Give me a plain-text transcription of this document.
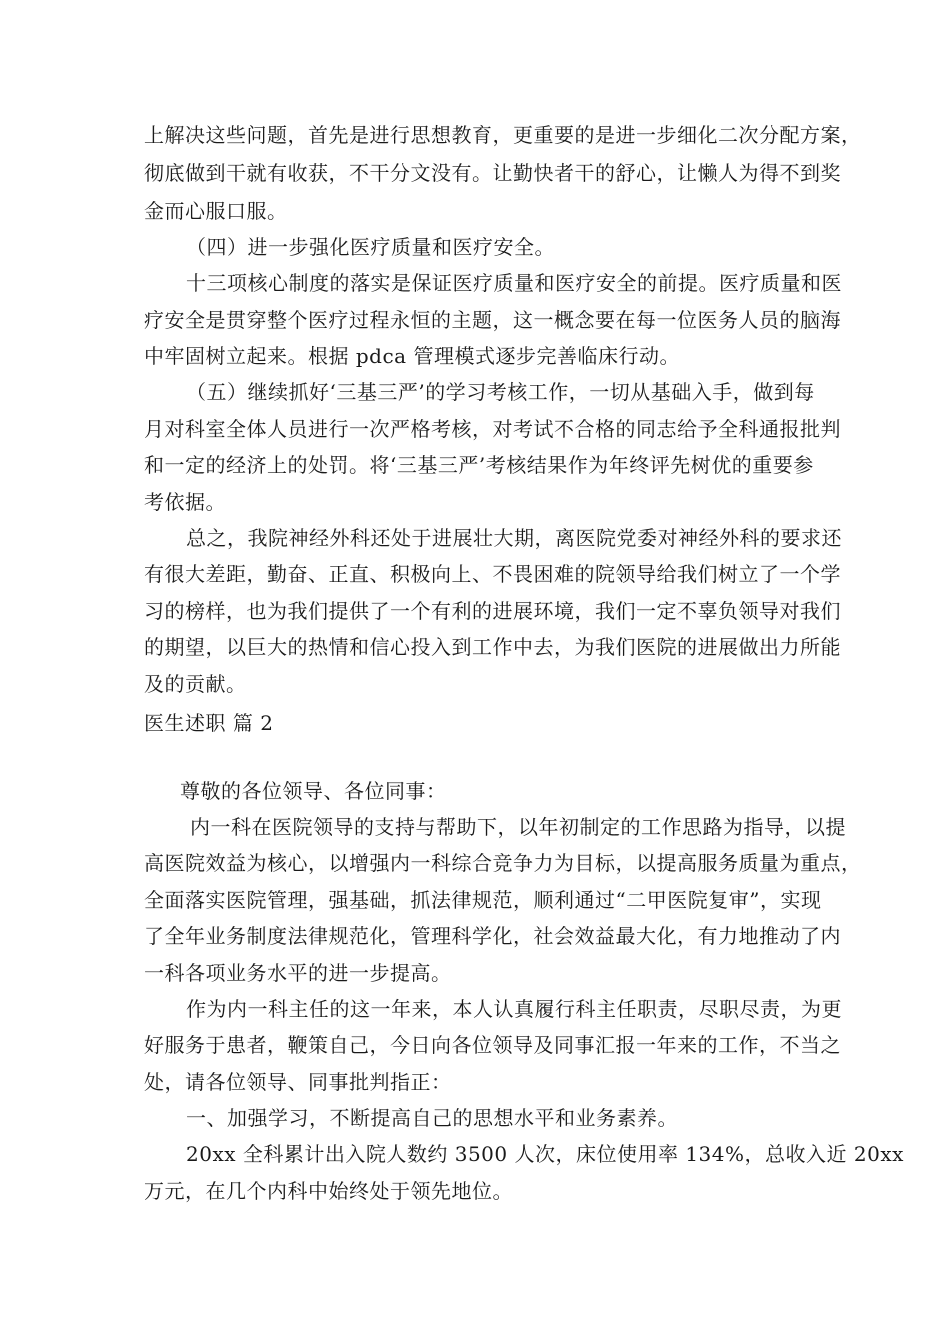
上解决这些问题，首先是进行思想教育，更重要的是进一步细化二次分配方案，
彻底做到干就有收获，不干分文没有。让勤快者干的舒心，让懒人为得不到奖
金而心服口服。
（四）进一步强化医疗质量和医疗安全。
十三项核心制度的落实是保证医疗质量和医疗安全的前提。医疗质量和医
疗安全是贯穿整个医疗过程永恒的主题，这一概念要在每一位医务人员的脑海
中牢固树立起来。根据 pdca 管理模式逐步完善临床行动。
（五）继续抓好‘三基三严’的学习考核工作，一切从基础入手，做到每
月对科室全体人员进行一次严格考核，对考试不合格的同志给予全科通报批判
和一定的经济上的处罚。将‘三基三严’考核结果作为年终评先树优的重要参
考依据。
总之，我院神经外科还处于进展壮大期，离医院党委对神经外科的要求还
有很大差距，勤奋、正直、积极向上、不畏困难的院领导给我们树立了一个学
习的榜样，也为我们提供了一个有利的进展环境，我们一定不辜负领导对我们
的期望，以巨大的热情和信心投入到工作中去，为我们医院的进展做出力所能
及的贡献。
医生述职 篇 2
尊敬的各位领导、各位同事：
内一科在医院领导的支持与帮助下，以年初制定的工作思路为指导，以提
高医院效益为核心，以增强内一科综合竞争力为目标，以提高服务质量为重点，
全面落实医院管理，强基础，抓法律规范，顺利通过“二甲医院复审”，实现
了全年业务制度法律规范化，管理科学化，社会效益最大化，有力地推动了内
一科各项业务水平的进一步提高。
作为内一科主任的这一年来，本人认真履行科主任职责，尽职尽责，为更
好服务于患者，鞭策自己，今日向各位领导及同事汇报一年来的工作，不当之
处，请各位领导、同事批判指正：
一、加强学习，不断提高自己的思想水平和业务素养。
20xx 全科累计出入院人数约 3500 人次，床位使用率 134%，总收入近 20xx
万元，在几个内科中始终处于领先地位。
